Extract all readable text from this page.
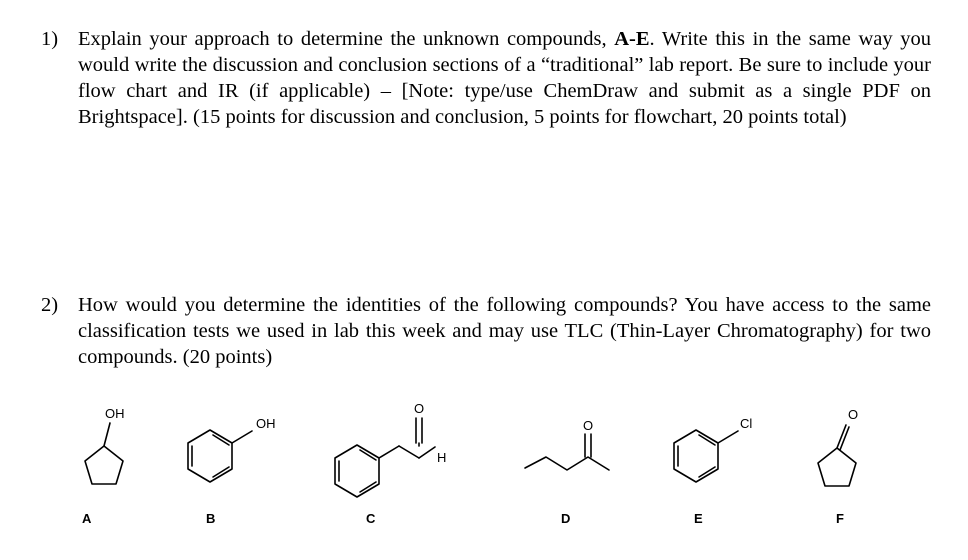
1) Explain your approach to determine the unknown compounds, A-E. Write this in the same way you would write the discussion and conclusion sections of a “traditional” lab report. Be sure to include your flow chart and IR (if applicable) – [Note: type/use ChemDraw and submit as a single PDF on Brightspace]. (15 points for discussion and conclusion, 5 points for flowchart, 20 points total)
2) How would you determine the identities of the following compounds? You have access to the same classification tests we used in lab this week and may use TLC (Thin-Layer Chromatography) for two compounds. (20 points)
OH
A
OH
B
O
H
C
O
D
Cl
E
O
F
